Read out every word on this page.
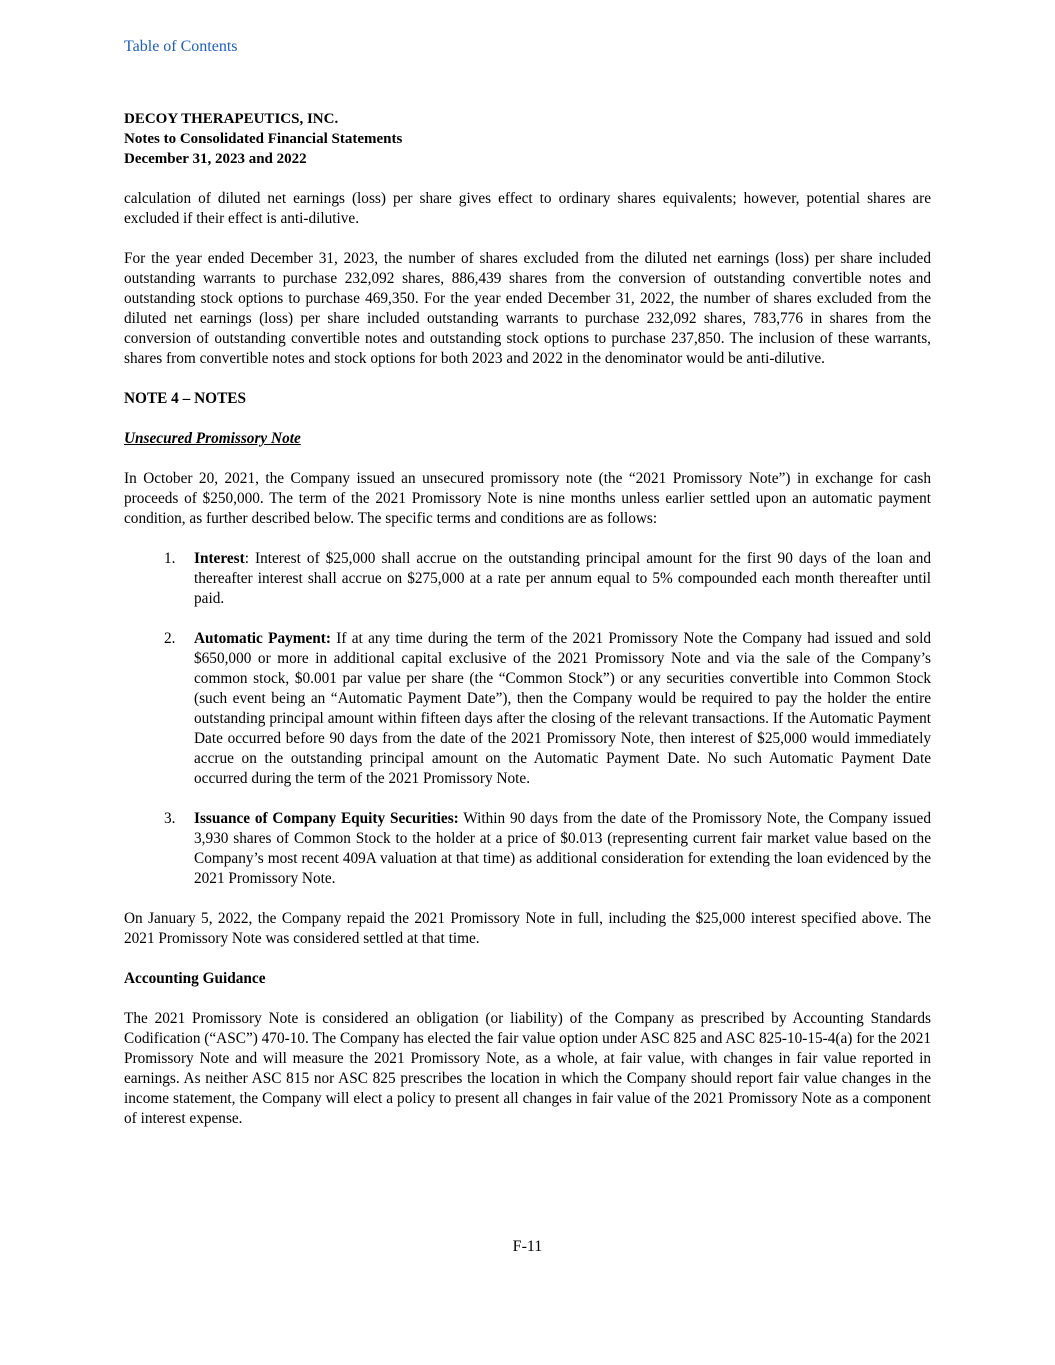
Table of Contents
DECOY THERAPEUTICS, INC.
Notes to Consolidated Financial Statements
December 31, 2023 and 2022

calculation of diluted net earnings (loss) per share gives effect to ordinary shares equivalents; however, potential shares are excluded if their effect is anti-dilutive.

For the year ended December 31, 2023, the number of shares excluded from the diluted net earnings (loss) per share included outstanding warrants to purchase 232,092 shares, 886,439 shares from the conversion of outstanding convertible notes and outstanding stock options to purchase 469,350. For the year ended December 31, 2022, the number of shares excluded from the diluted net earnings (loss) per share included outstanding warrants to purchase 232,092 shares, 783,776 in shares from the conversion of outstanding convertible notes and outstanding stock options to purchase 237,850. The inclusion of these warrants, shares from convertible notes and stock options for both 2023 and 2022 in the denominator would be anti-dilutive.

NOTE 4 – NOTES
Unsecured Promissory Note

In October 20, 2021, the Company issued an unsecured promissory note (the “2021 Promissory Note”) in exchange for cash proceeds of $250,000. The term of the 2021 Promissory Note is nine months unless earlier settled upon an automatic payment condition, as further described below. The specific terms and conditions are as follows:

1. Interest: Interest of $25,000 shall accrue on the outstanding principal amount for the first 90 days of the loan and thereafter interest shall accrue on $275,000 at a rate per annum equal to 5% compounded each month thereafter until paid.
2. Automatic Payment: If at any time during the term of the 2021 Promissory Note the Company had issued and sold $650,000 or more in additional capital exclusive of the 2021 Promissory Note and via the sale of the Company’s common stock, $0.001 par value per share (the “Common Stock”) or any securities convertible into Common Stock (such event being an “Automatic Payment Date”), then the Company would be required to pay the holder the entire outstanding principal amount within fifteen days after the closing of the relevant transactions. If the Automatic Payment Date occurred before 90 days from the date of the 2021 Promissory Note, then interest of $25,000 would immediately accrue on the outstanding principal amount on the Automatic Payment Date. No such Automatic Payment Date occurred during the term of the 2021 Promissory Note.
3. Issuance of Company Equity Securities: Within 90 days from the date of the Promissory Note, the Company issued 3,930 shares of Common Stock to the holder at a price of $0.013 (representing current fair market value based on the Company’s most recent 409A valuation at that time) as additional consideration for extending the loan evidenced by the 2021 Promissory Note.

On January 5, 2022, the Company repaid the 2021 Promissory Note in full, including the $25,000 interest specified above. The 2021 Promissory Note was considered settled at that time.

Accounting Guidance

The 2021 Promissory Note is considered an obligation (or liability) of the Company as prescribed by Accounting Standards Codification (“ASC”) 470-10. The Company has elected the fair value option under ASC 825 and ASC 825-10-15-4(a) for the 2021 Promissory Note and will measure the 2021 Promissory Note, as a whole, at fair value, with changes in fair value reported in earnings. As neither ASC 815 nor ASC 825 prescribes the location in which the Company should report fair value changes in the income statement, the Company will elect a policy to present all changes in fair value of the 2021 Promissory Note as a component of interest expense.

F-11
